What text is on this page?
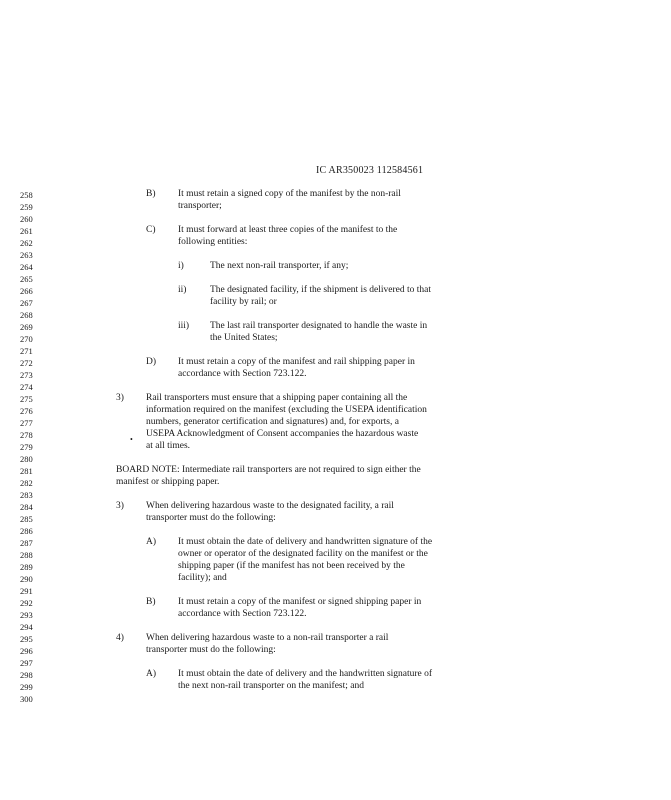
IC AR350023 112584561
258
259
260
261
262
263
264
265
266
267
268
269
270
271
272
273
274
275
276
277
278
279
280
281
282
283
284
285
286
287
288
289
290
291
292
293
294
295
296
297
298
299
300
B) It must retain a signed copy of the manifest by the non-rail
transporter;
C) It must forward at least three copies of the manifest to the
following entities:
i)	The next non-rail transporter, if any;
ii) The designated facility, if the shipment is delivered to that
facility by rail; or
iii) The last rail transporter designated to handle the waste in
the United States;
D) It must retain a copy of the manifest and rail shipping paper in
accordance with Section 723.122.
3) Rail transporters must ensure that a shipping paper containing all the
information required on the manifest (excluding the USEPA identification
numbers, generator certification and signatures) and, for exports, a
USEPA Acknowledgment of Consent accompanies the hazardous waste
at all times.
•
BOARD NOTE: Intermediate rail transporters are not required to sign either the
manifest or shipping paper.
3) When delivering hazardous waste to the designated facility, a rail
transporter must do the following:
A) It must obtain the date of delivery and handwritten signature of the
owner or operator of the designated facility on the manifest or the
shipping paper (if the manifest has not been received by the
facility); and
B) It must retain a copy of the manifest or signed shipping paper in
accordance with Section 723.122.
4) When delivering hazardous waste to a non-rail transporter a rail
transporter must do the following:
A) It must obtain the date of delivery and the handwritten signature of
the next non-rail transporter on the manifest; and
